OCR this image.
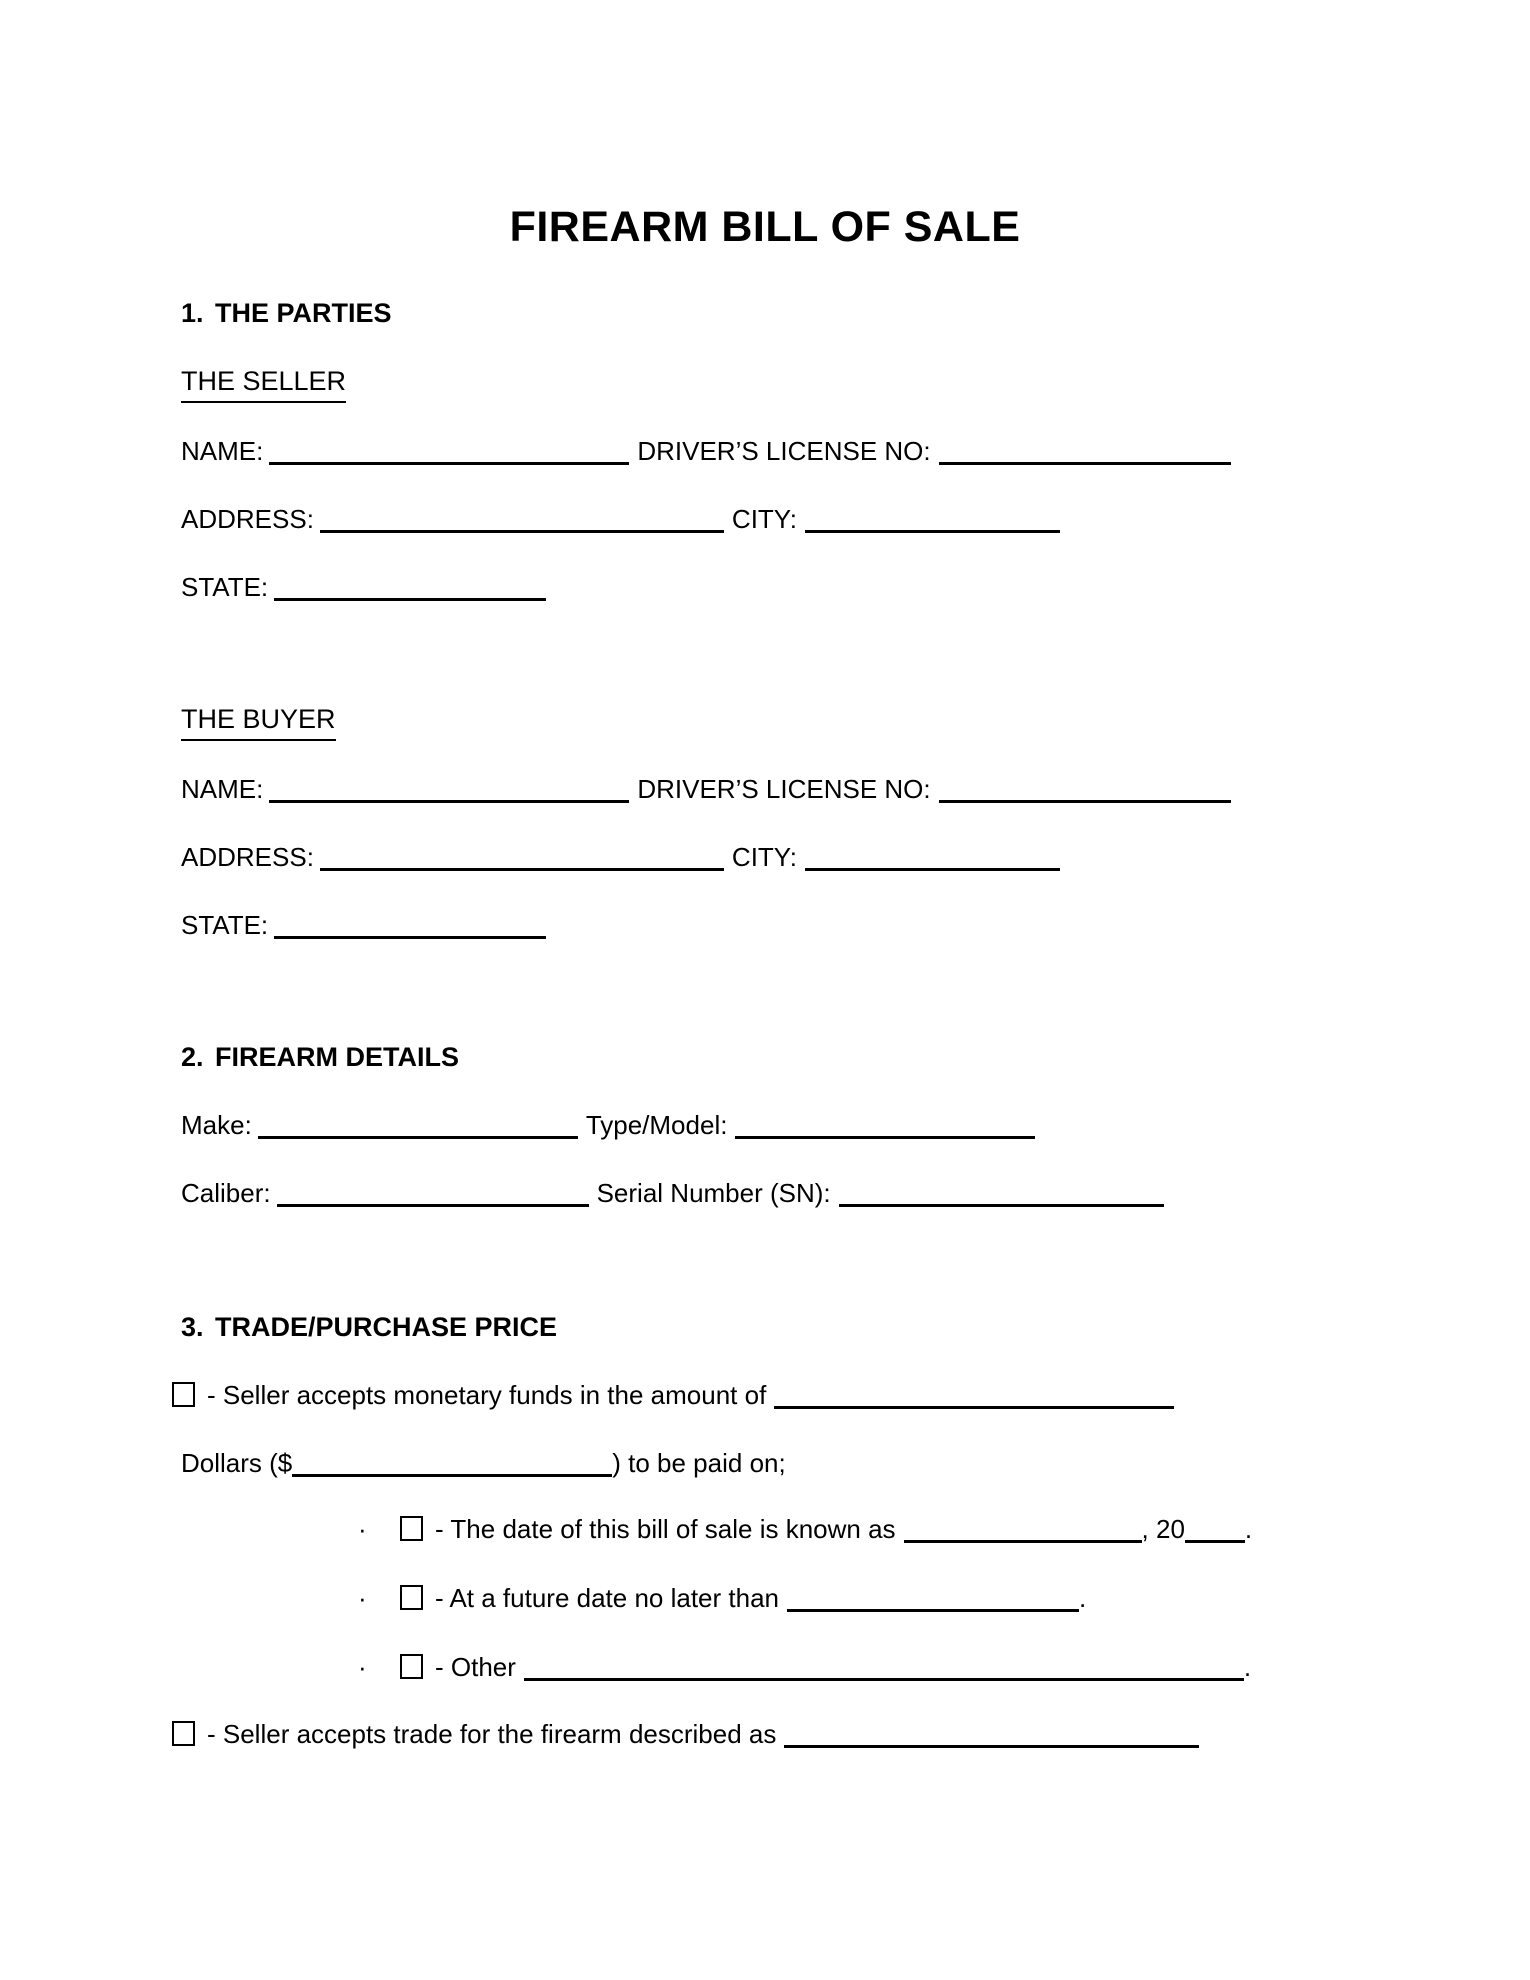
FIREARM BILL OF SALE
1. THE PARTIES
THE SELLER
NAME:	DRIVER’S LICENSE NO:
ADDRESS:	CITY:
STATE:
THE BUYER
NAME:	DRIVER’S LICENSE NO:
ADDRESS:	CITY:
STATE:
2. FIREARM DETAILS
Make:	Type/Model:
Caliber:	Serial Number (SN):
3. TRADE/PURCHASE PRICE
- Seller accepts monetary funds in the amount of
Dollars ($	) to be paid on;
·	- The date of this bill of sale is known as	, 20 .
·	- At a future date no later than	.
·	- Other	.
- Seller accepts trade for the firearm described as
